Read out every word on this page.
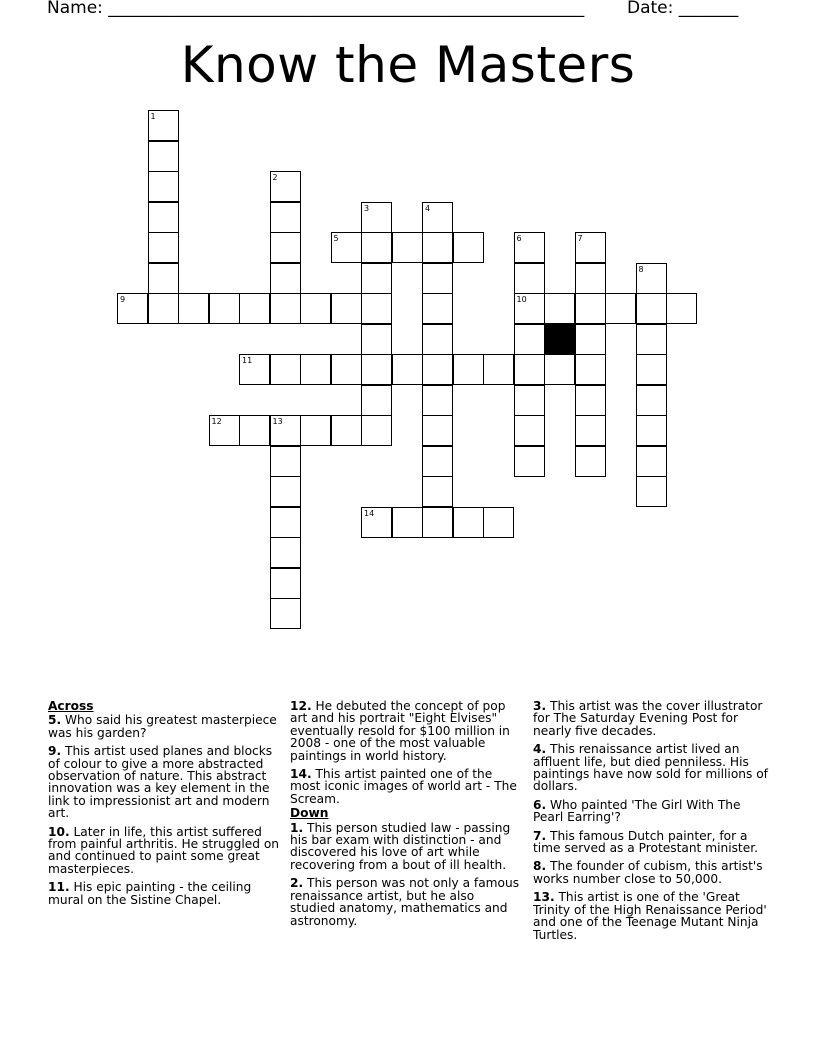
Name: ________________________________________________________	Date: _______
Know the Masters
1
2
3	4
5	6
10
7
8
9
11
12	13
14

Across

5. Who said his greatest masterpiece was his garden?

9. This artist used planes and blocks of colour to give a more abstracted observation of nature. This abstract innovation was a key element in the link to impressionist art and modern art.

10. Later in life, this artist suffered from painful arthritis. He struggled on and continued to paint some great masterpieces.

11. His epic painting - the ceiling mural on the Sistine Chapel.

12. He debuted the concept of pop art and his portrait "Eight Elvises" eventually resold for $100 million in 2008 - one of the most valuable paintings in world history.

14. This artist painted one of the most iconic images of world art - The Scream.

Down

1. This person studied law - passing his bar exam with distinction - and discovered his love of art while recovering from a bout of ill health.

2. This person was not only a famous renaissance artist, but he also studied anatomy, mathematics and astronomy.

3. This artist was the cover illustrator for The Saturday Evening Post for nearly five decades.

4. This renaissance artist lived an affluent life, but died penniless. His paintings have now sold for millions of dollars.

6. Who painted 'The Girl With The Pearl Earring'?

7. This famous Dutch painter, for a time served as a Protestant minister.

8. The founder of cubism, this artist's works number close to 50,000.

13. This artist is one of the 'Great Trinity of the High Renaissance Period' and one of the Teenage Mutant Ninja Turtles.
